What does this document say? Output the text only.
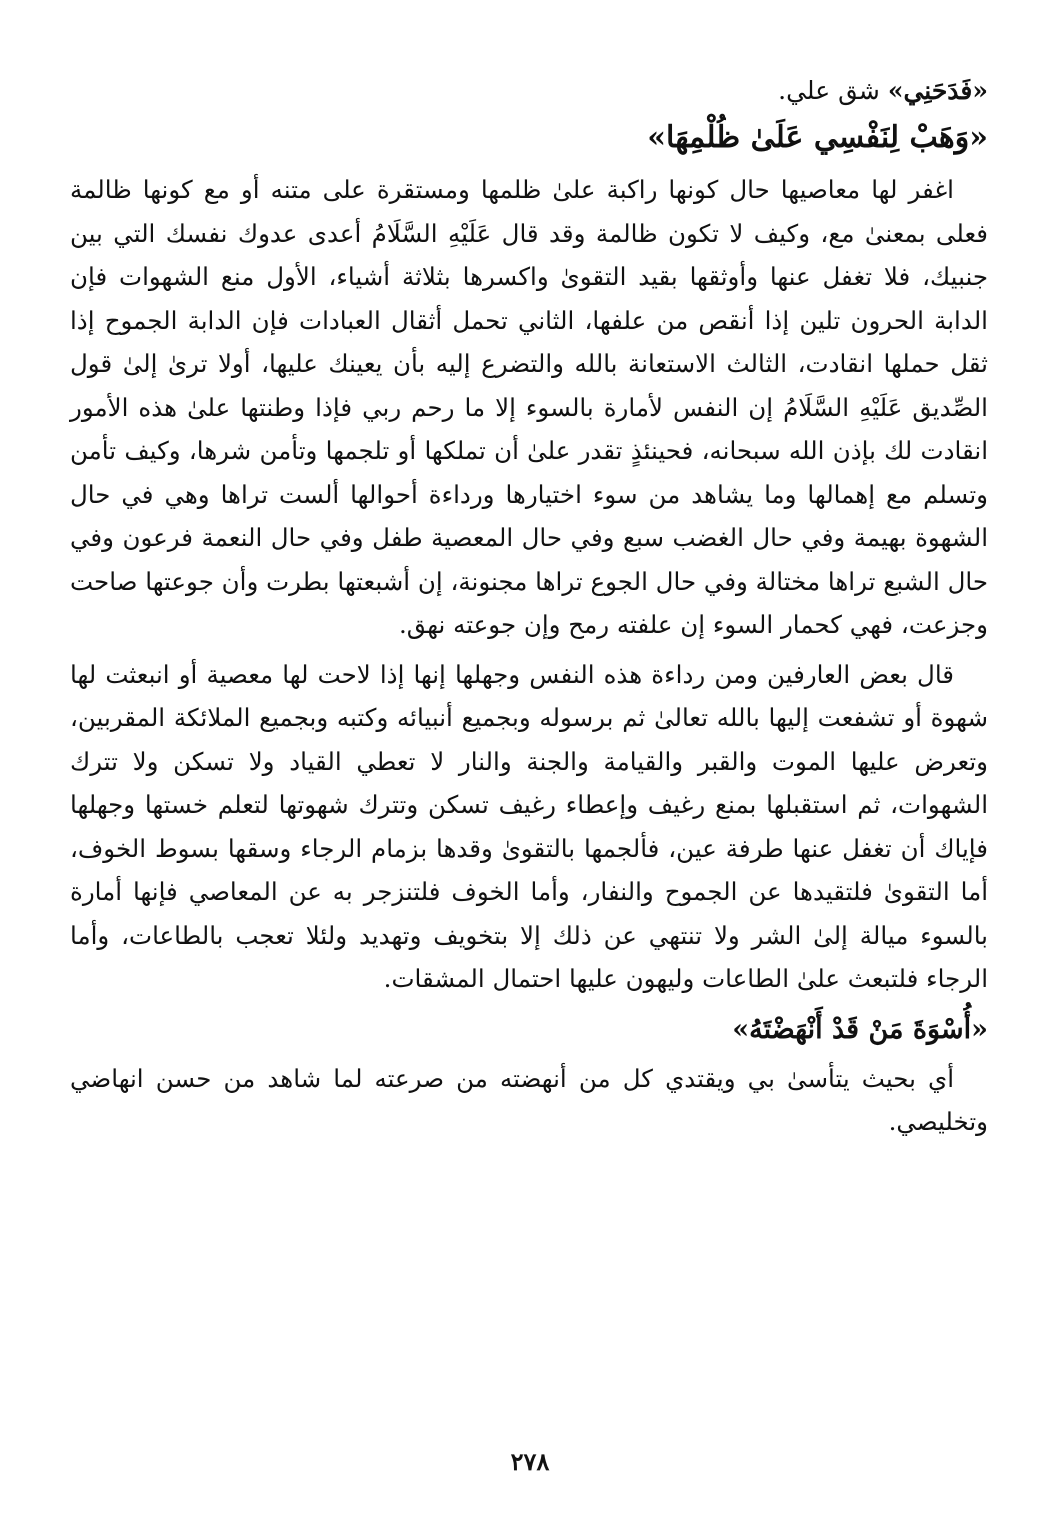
«فَدَحَنِي» شق علي.
«وَهَبْ لِنَفْسِي عَلَىٰ ظُلْمِهَا»

اغفر لها معاصيها حال كونها راكبة علىٰ ظلمها ومستقرة على متنه أو مع كونها ظالمة فعلى بمعنىٰ مع، وكيف لا تكون ظالمة وقد قال عَلَيْهِ السَّلَامُ أعدى عدوك نفسك التي بين جنبيك، فلا تغفل عنها وأوثقها بقيد التقوىٰ واكسرها بثلاثة أشياء، الأول منع الشهوات فإن الدابة الحرون تلين إذا أنقص من علفها، الثاني تحمل أثقال العبادات فإن الدابة الجموح إذا ثقل حملها انقادت، الثالث الاستعانة بالله والتضرع إليه بأن يعينك عليها، أولا ترىٰ إلىٰ قول الصِّديق عَلَيْهِ السَّلَامُ إن النفس لأمارة بالسوء إلا ما رحم ربي فإذا وطنتها علىٰ هذه الأمور انقادت لك بإذن الله سبحانه، فحينئذٍ تقدر علىٰ أن تملكها أو تلجمها وتأمن شرها، وكيف تأمن وتسلم مع إهمالها وما يشاهد من سوء اختيارها ورداءة أحوالها ألست تراها وهي في حال الشهوة بهيمة وفي حال الغضب سبع وفي حال المعصية طفل وفي حال النعمة فرعون وفي حال الشبع تراها مختالة وفي حال الجوع تراها مجنونة، إن أشبعتها بطرت وأن جوعتها صاحت وجزعت، فهي كحمار السوء إن علفته رمح وإن جوعته نهق.

قال بعض العارفين ومن رداءة هذه النفس وجهلها إنها إذا لاحت لها معصية أو انبعثت لها شهوة أو تشفعت إليها بالله تعالىٰ ثم برسوله وبجميع أنبيائه وكتبه وبجميع الملائكة المقربين، وتعرض عليها الموت والقبر والقيامة والجنة والنار لا تعطي القياد ولا تسكن ولا تترك الشهوات، ثم استقبلها بمنع رغيف وإعطاء رغيف تسكن وتترك شهوتها لتعلم خستها وجهلها فإياك أن تغفل عنها طرفة عين، فألجمها بالتقوىٰ وقدها بزمام الرجاء وسقها بسوط الخوف، أما التقوىٰ فلتقيدها عن الجموح والنفار، وأما الخوف فلتنزجر به عن المعاصي فإنها أمارة بالسوء ميالة إلىٰ الشر ولا تنتهي عن ذلك إلا بتخويف وتهديد ولئلا تعجب بالطاعات، وأما الرجاء فلتبعث علىٰ الطاعات وليهون عليها احتمال المشقات.

«أُسْوَةَ مَنْ قَدْ أَنْهَضْتَهُ»

أي بحيث يتأسىٰ بي ويقتدي كل من أنهضته من صرعته لما شاهد من حسن انهاضي وتخليصي.

٢٧٨
